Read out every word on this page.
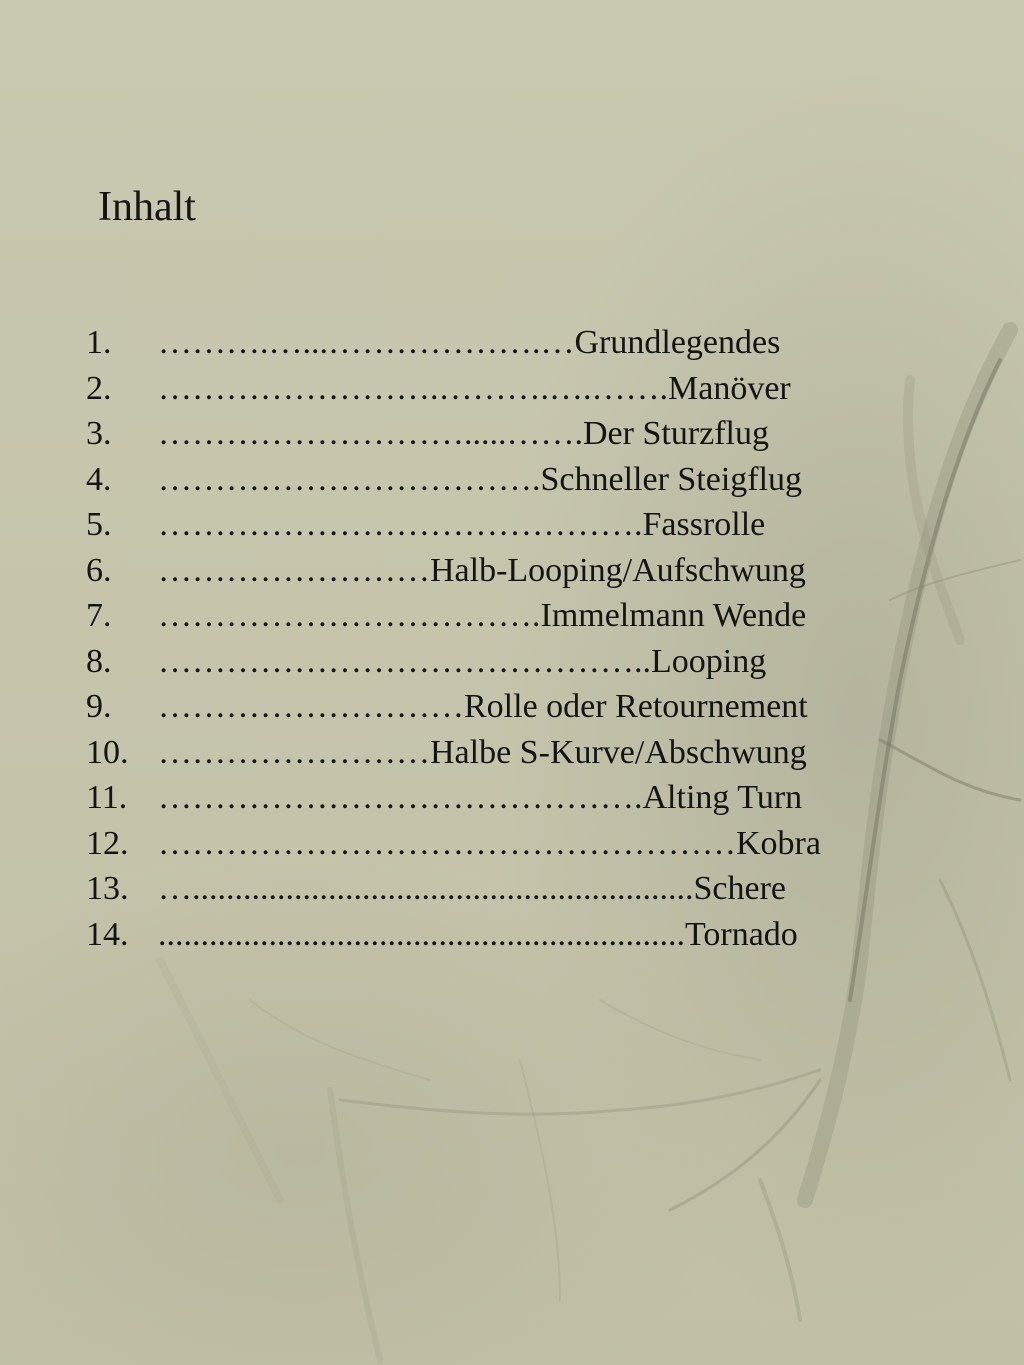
Inhalt
1. ……….…...……………….…Grundlegendes
2. …………………….……….….…….Manöver
3. ……………………….....…….Der Sturzflug
4. …………………………….Schneller Steigflug
5. …………………………………….Fassrolle
6. ……………………Halb-Looping/Aufschwung
7. …………………………….Immelmann Wende
8. ……………………………………..Looping
9. ………………………Rolle oder Retournement
10. ……………………Halbe S-Kurve/Abschwung
11. …………………………………….Alting Turn
12. ……………………………………………Kobra
13. …...........................................................Schere
14. ..............................................................Tornado
